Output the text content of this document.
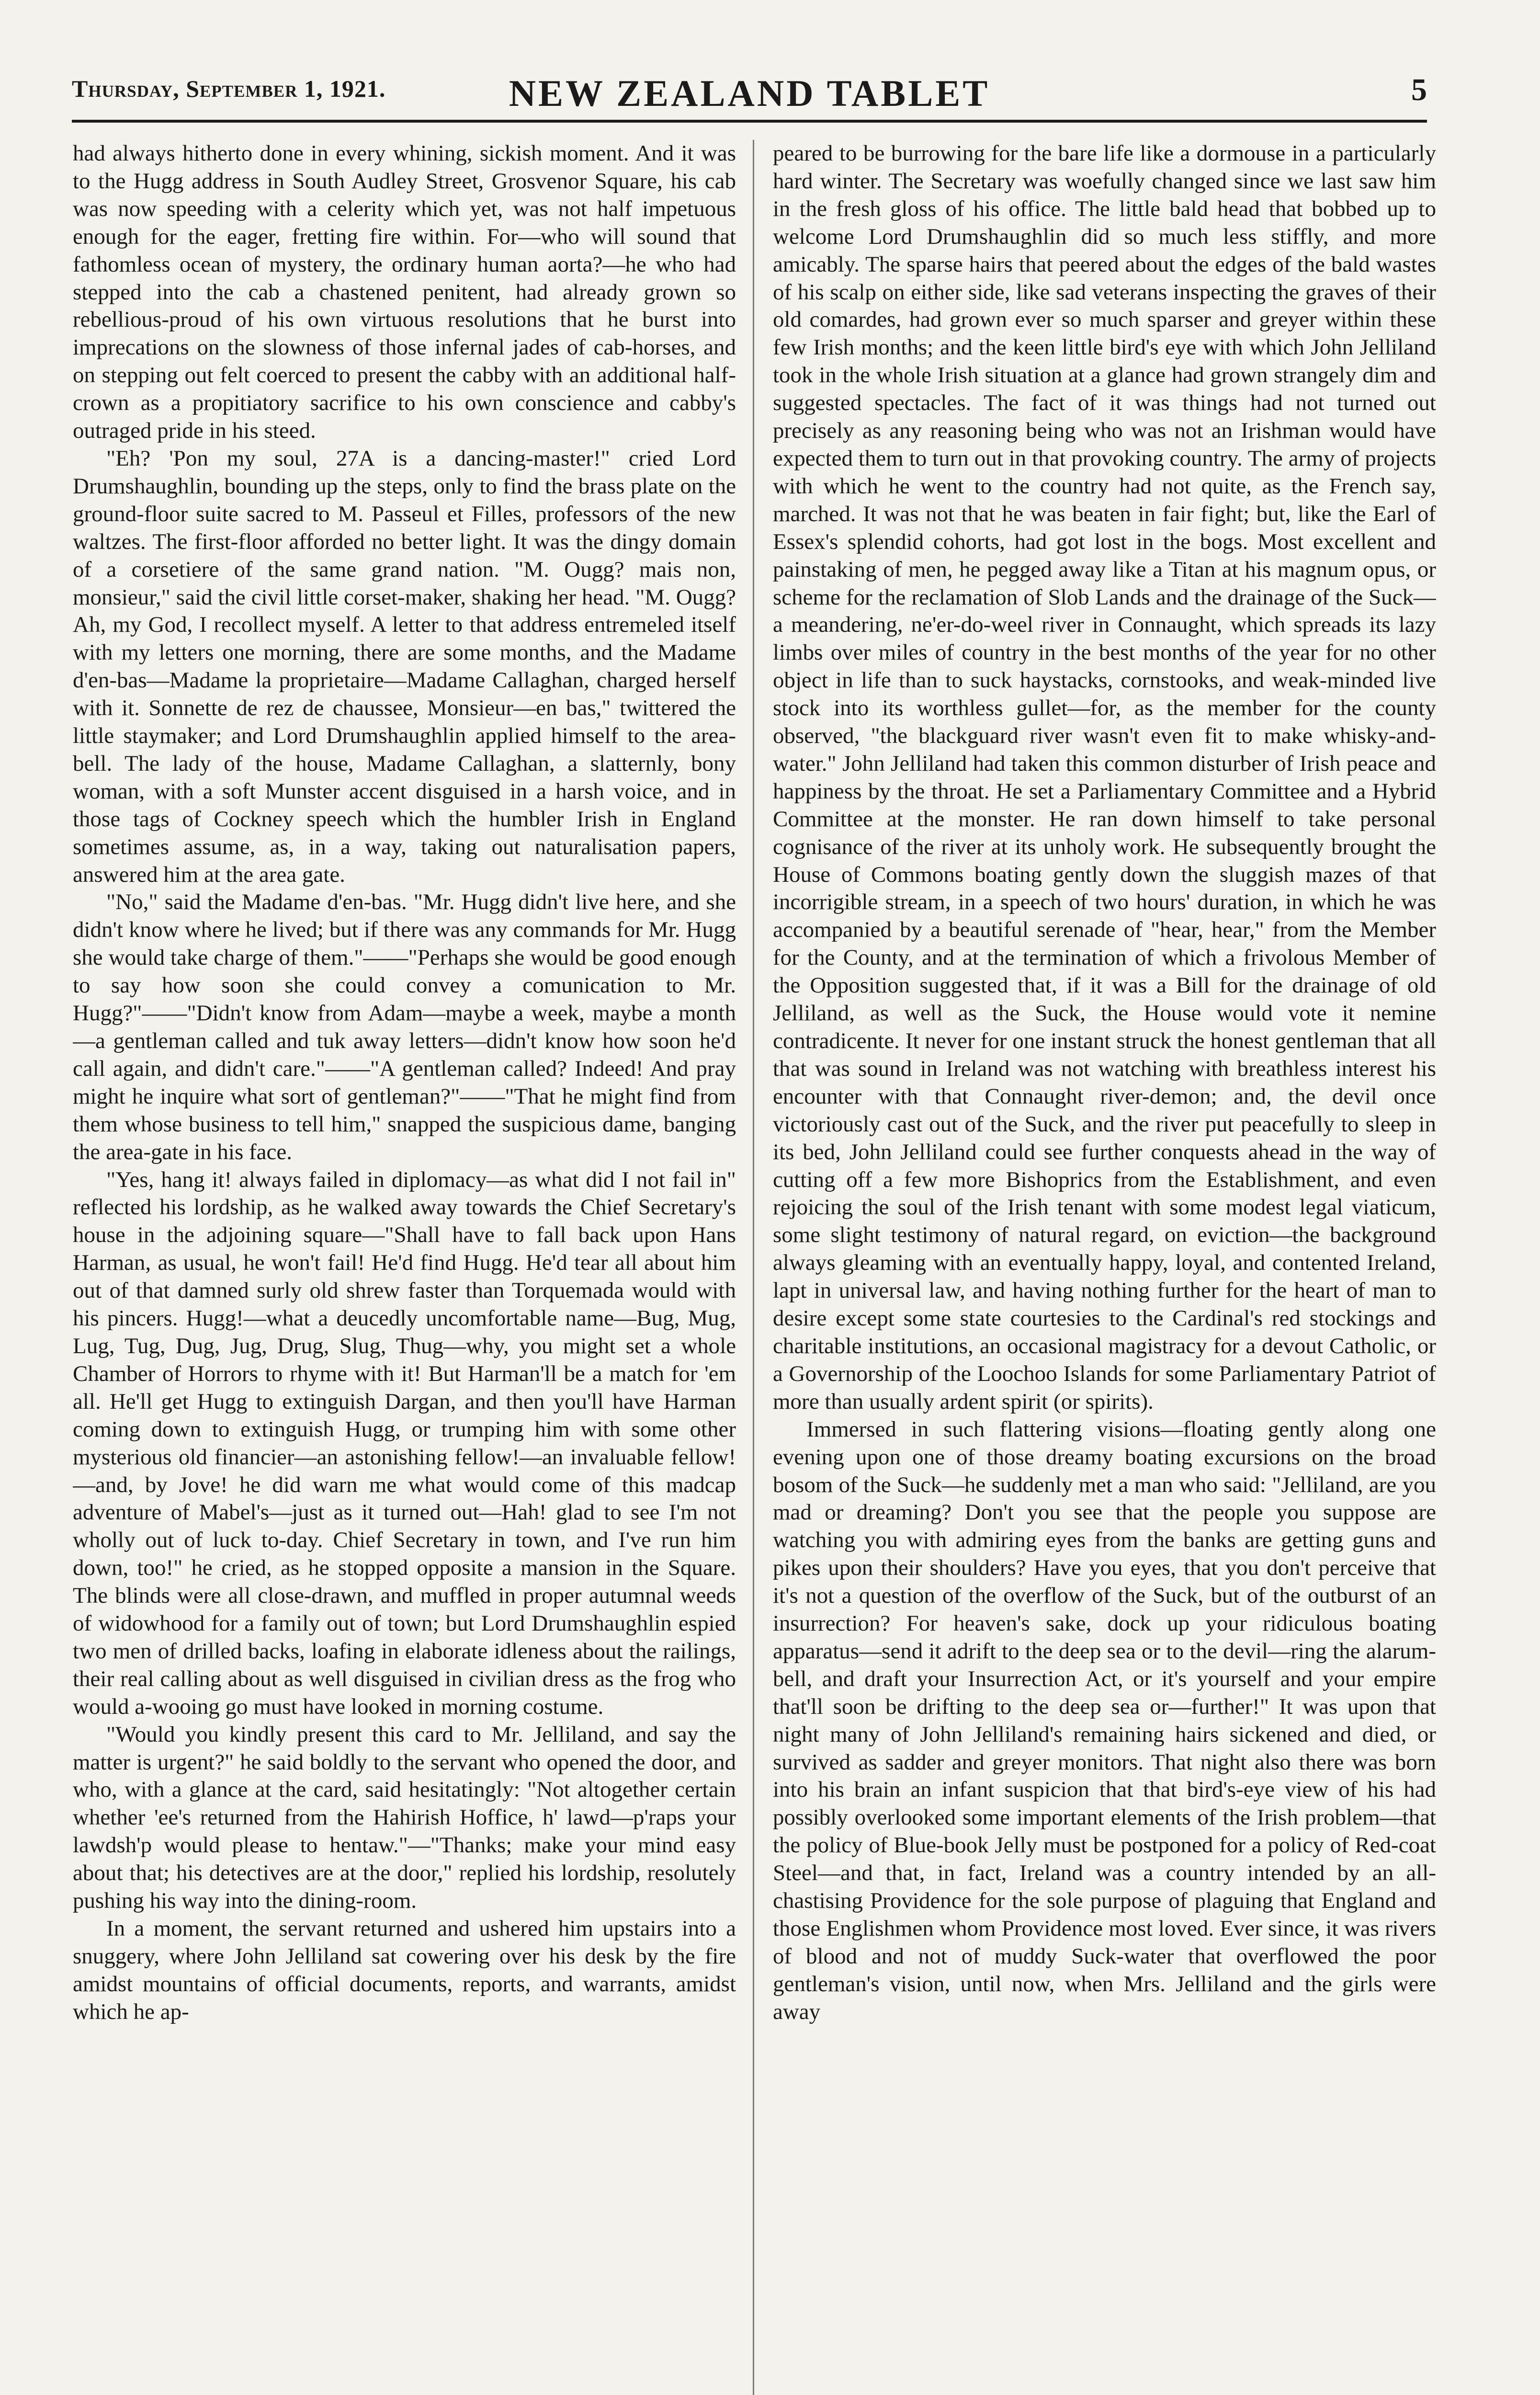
Thursday, September 1, 1921.	NEW ZEALAND TABLET	5

had always hitherto done in every whining, sickish moment. And it was to the Hugg address in South Audley Street, Grosvenor Square, his cab was now speeding with a celerity which yet, was not half impetuous enough for the eager, fretting fire within. For—who will sound that fathomless ocean of mystery, the ordinary human aorta?—he who had stepped into the cab a chastened penitent, had already grown so rebellious-proud of his own virtuous resolutions that he burst into imprecations on the slowness of those infernal jades of cab-horses, and on stepping out felt coerced to present the cabby with an additional half-crown as a propitiatory sacrifice to his own conscience and cabby's outraged pride in his steed.

"Eh? 'Pon my soul, 27A is a dancing-master!" cried Lord Drumshaughlin, bounding up the steps, only to find the brass plate on the ground-floor suite sacred to M. Passeul et Filles, professors of the new waltzes. The first-floor afforded no better light. It was the dingy domain of a corsetiere of the same grand nation. "M. Ougg? mais non, monsieur," said the civil little corset-maker, shaking her head. "M. Ougg? Ah, my God, I recollect myself. A letter to that address entremeled itself with my letters one morning, there are some months, and the Madame d'en-bas—Madame la proprietaire—Madame Callaghan, charged herself with it. Sonnette de rez de chaussee, Monsieur—en bas," twittered the little staymaker; and Lord Drumshaughlin applied himself to the area-bell. The lady of the house, Madame Callaghan, a slatternly, bony woman, with a soft Munster accent disguised in a harsh voice, and in those tags of Cockney speech which the humbler Irish in England sometimes assume, as, in a way, taking out naturalisation papers, answered him at the area gate.

"No," said the Madame d'en-bas. "Mr. Hugg didn't live here, and she didn't know where he lived; but if there was any commands for Mr. Hugg she would take charge of them."——"Perhaps she would be good enough to say how soon she could convey a comunication to Mr. Hugg?"——"Didn't know from Adam—maybe a week, maybe a month—a gentleman called and tuk away letters—didn't know how soon he'd call again, and didn't care."——"A gentleman called? Indeed! And pray might he inquire what sort of gentleman?"——"That he might find from them whose business to tell him," snapped the suspicious dame, banging the area-gate in his face.

"Yes, hang it! always failed in diplomacy—as what did I not fail in" reflected his lordship, as he walked away towards the Chief Secretary's house in the adjoining square—"Shall have to fall back upon Hans Harman, as usual, he won't fail! He'd find Hugg. He'd tear all about him out of that damned surly old shrew faster than Torquemada would with his pincers. Hugg!—what a deucedly uncomfortable name—Bug, Mug, Lug, Tug, Dug, Jug, Drug, Slug, Thug—why, you might set a whole Chamber of Horrors to rhyme with it! But Harman'll be a match for 'em all. He'll get Hugg to extinguish Dargan, and then you'll have Harman coming down to extinguish Hugg, or trumping him with some other mysterious old financier—an astonishing fellow!—an invaluable fellow!—and, by Jove! he did warn me what would come of this madcap adventure of Mabel's—just as it turned out—Hah! glad to see I'm not wholly out of luck to-day. Chief Secretary in town, and I've run him down, too!" he cried, as he stopped opposite a mansion in the Square. The blinds were all close-drawn, and muffled in proper autumnal weeds of widowhood for a family out of town; but Lord Drumshaughlin espied two men of drilled backs, loafing in elaborate idleness about the railings, their real calling about as well disguised in civilian dress as the frog who would a-wooing go must have looked in morning costume.

"Would you kindly present this card to Mr. Jelliland, and say the matter is urgent?" he said boldly to the servant who opened the door, and who, with a glance at the card, said hesitatingly: "Not altogether certain whether 'ee's returned from the Hahirish Hoffice, h' lawd—p'raps your lawdsh'p would please to hentaw."—"Thanks; make your mind easy about that; his detectives are at the door," replied his lordship, resolutely pushing his way into the dining-room.

In a moment, the servant returned and ushered him upstairs into a snuggery, where John Jelliland sat cowering over his desk by the fire amidst mountains of official documents, reports, and warrants, amidst which he ap-

peared to be burrowing for the bare life like a dormouse in a particularly hard winter. The Secretary was woefully changed since we last saw him in the fresh gloss of his office. The little bald head that bobbed up to welcome Lord Drumshaughlin did so much less stiffly, and more amicably. The sparse hairs that peered about the edges of the bald wastes of his scalp on either side, like sad veterans inspecting the graves of their old comardes, had grown ever so much sparser and greyer within these few Irish months; and the keen little bird's eye with which John Jelliland took in the whole Irish situation at a glance had grown strangely dim and suggested spectacles. The fact of it was things had not turned out precisely as any reasoning being who was not an Irishman would have expected them to turn out in that provoking country. The army of projects with which he went to the country had not quite, as the French say, marched. It was not that he was beaten in fair fight; but, like the Earl of Essex's splendid cohorts, had got lost in the bogs. Most excellent and painstaking of men, he pegged away like a Titan at his magnum opus, or scheme for the reclamation of Slob Lands and the drainage of the Suck—a meandering, ne'er-do-weel river in Connaught, which spreads its lazy limbs over miles of country in the best months of the year for no other object in life than to suck haystacks, cornstooks, and weak-minded live stock into its worthless gullet—for, as the member for the county observed, "the blackguard river wasn't even fit to make whisky-and-water." John Jelliland had taken this common disturber of Irish peace and happiness by the throat. He set a Parliamentary Committee and a Hybrid Committee at the monster. He ran down himself to take personal cognisance of the river at its unholy work. He subsequently brought the House of Commons boating gently down the sluggish mazes of that incorrigible stream, in a speech of two hours' duration, in which he was accompanied by a beautiful serenade of "hear, hear," from the Member for the County, and at the termination of which a frivolous Member of the Opposition suggested that, if it was a Bill for the drainage of old Jelliland, as well as the Suck, the House would vote it nemine contradicente. It never for one instant struck the honest gentleman that all that was sound in Ireland was not watching with breathless interest his encounter with that Connaught river-demon; and, the devil once victoriously cast out of the Suck, and the river put peacefully to sleep in its bed, John Jelliland could see further conquests ahead in the way of cutting off a few more Bishoprics from the Establishment, and even rejoicing the soul of the Irish tenant with some modest legal viaticum, some slight testimony of natural regard, on eviction—the background always gleaming with an eventually happy, loyal, and contented Ireland, lapt in universal law, and having nothing further for the heart of man to desire except some state courtesies to the Cardinal's red stockings and charitable institutions, an occasional magistracy for a devout Catholic, or a Governorship of the Loochoo Islands for some Parliamentary Patriot of more than usually ardent spirit (or spirits).

Immersed in such flattering visions—floating gently along one evening upon one of those dreamy boating excursions on the broad bosom of the Suck—he suddenly met a man who said: "Jelliland, are you mad or dreaming? Don't you see that the people you suppose are watching you with admiring eyes from the banks are getting guns and pikes upon their shoulders? Have you eyes, that you don't perceive that it's not a question of the overflow of the Suck, but of the outburst of an insurrection? For heaven's sake, dock up your ridiculous boating apparatus—send it adrift to the deep sea or to the devil—ring the alarum-bell, and draft your Insurrection Act, or it's yourself and your empire that'll soon be drifting to the deep sea or—further!" It was upon that night many of John Jelliland's remaining hairs sickened and died, or survived as sadder and greyer monitors. That night also there was born into his brain an infant suspicion that that bird's-eye view of his had possibly overlooked some important elements of the Irish problem—that the policy of Blue-book Jelly must be postponed for a policy of Red-coat Steel—and that, in fact, Ireland was a country intended by an all-chastising Providence for the sole purpose of plaguing that England and those Englishmen whom Providence most loved. Ever since, it was rivers of blood and not of muddy Suck-water that overflowed the poor gentleman's vision, until now, when Mrs. Jelliland and the girls were away
